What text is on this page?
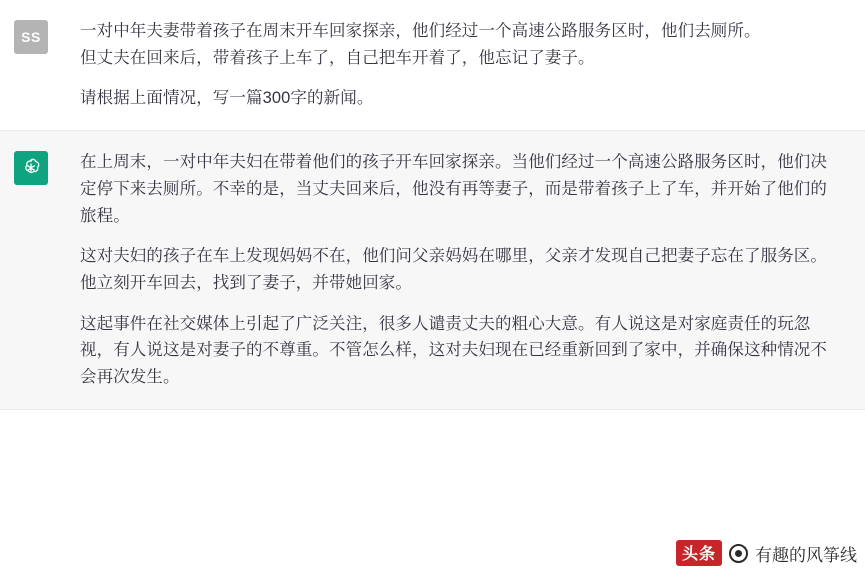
SS 一对中年夫妻带着孩子在周末开车回家探亲，他们经过一个高速公路服务区时，他们去厕所。

但丈夫在回来后，带着孩子上车了，自己把车开着了，他忘记了妻子。

请根据上面情况，写一篇300字的新闻。

在上周末，一对中年夫妇在带着他们的孩子开车回家探亲。当他们经过一个高速公路服务区时，他们决定停下来去厕所。不幸的是，当丈夫回来后，他没有再等妻子，而是带着孩子上了车，并开始了他们的旅程。

这对夫妇的孩子在车上发现妈妈不在，他们问父亲妈妈在哪里，父亲才发现自己把妻子忘在了服务区。他立刻开车回去，找到了妻子，并带她回家。

这起事件在社交媒体上引起了广泛关注，很多人谴责丈夫的粗心大意。有人说这是对家庭责任的玩忽视，有人说这是对妻子的不尊重。不管怎么样，这对夫妇现在已经重新回到了家中，并确保这种情况不会再次发生。

头条	有趣的风筝线
